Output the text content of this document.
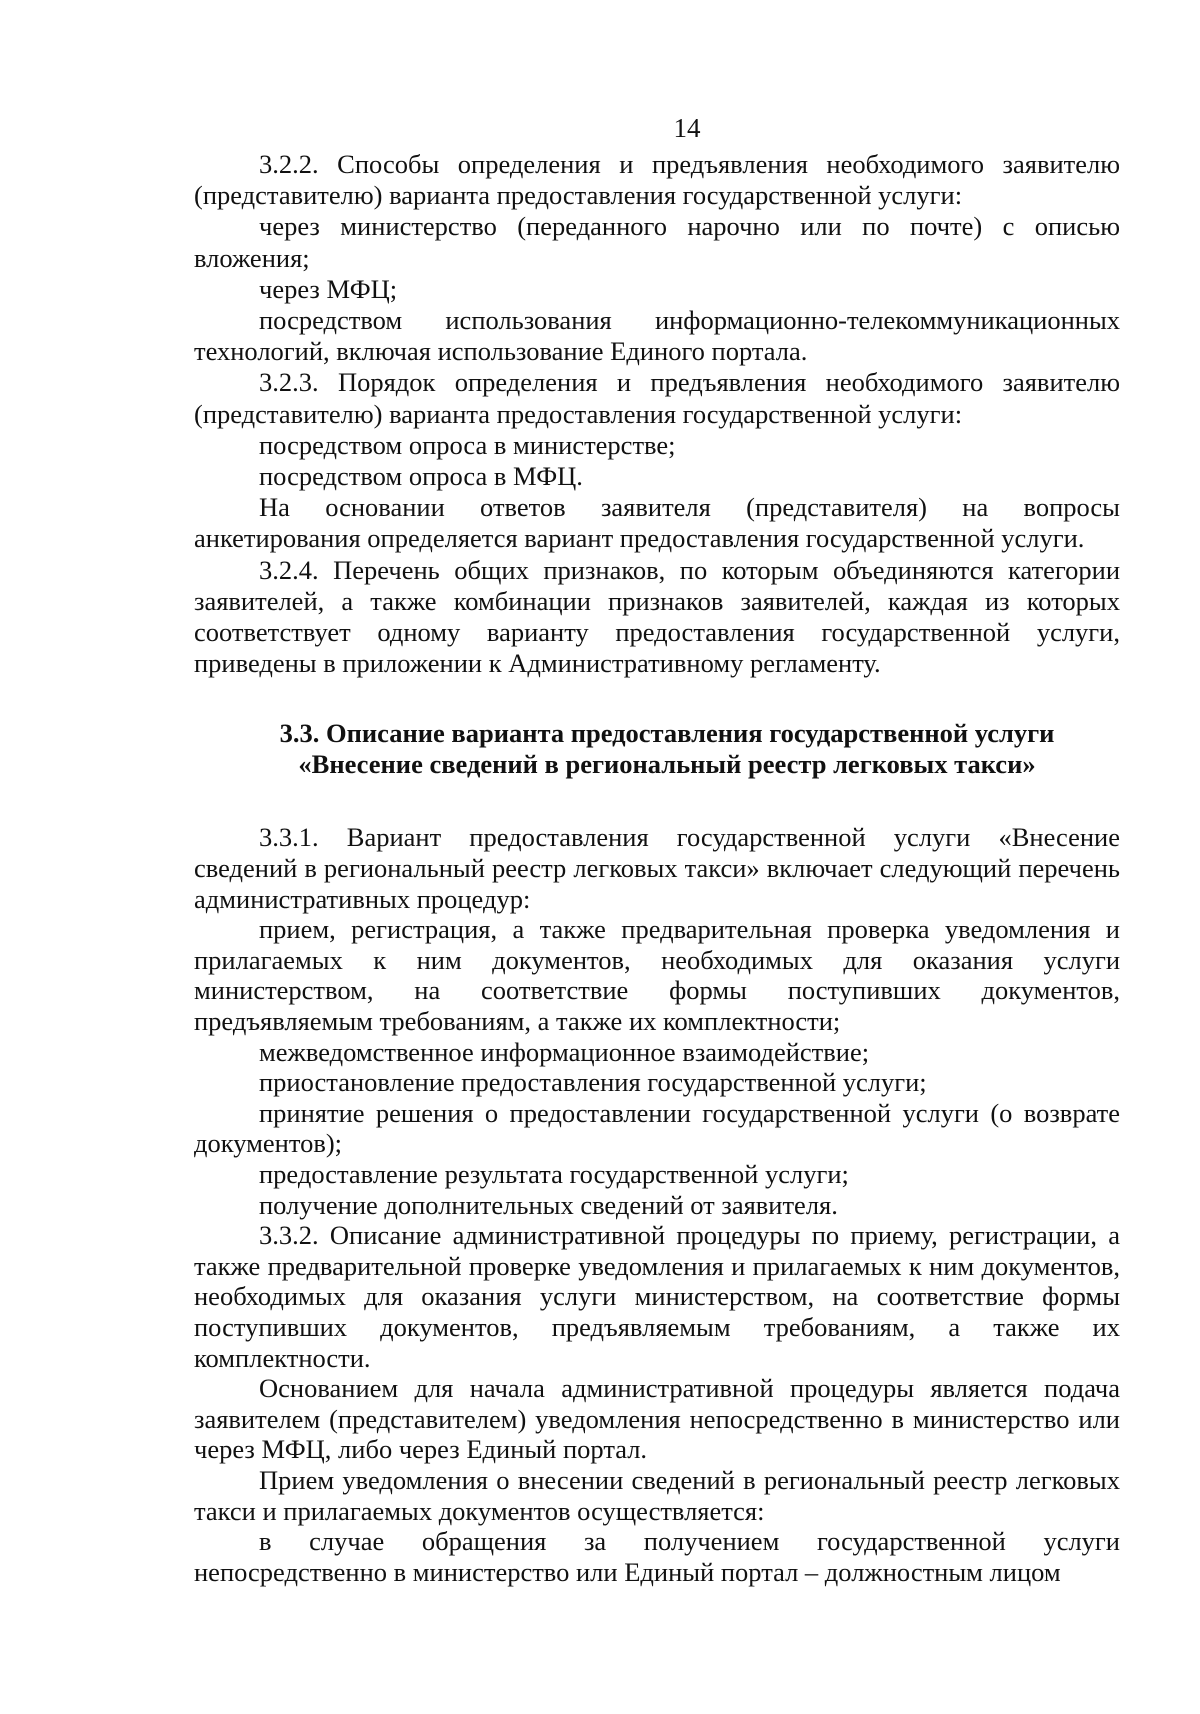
14

3.2.2. Способы определения и предъявления необходимого заявителю (представителю) варианта предоставления государственной услуги:

через министерство (переданного нарочно или по почте) с описью вложения;

через МФЦ;

посредством использования информационно-телекоммуникационных технологий, включая использование Единого портала.

3.2.3. Порядок определения и предъявления необходимого заявителю (представителю) варианта предоставления государственной услуги:

посредством опроса в министерстве;

посредством опроса в МФЦ.

На основании ответов заявителя (представителя) на вопросы анкетирования определяется вариант предоставления государственной услуги.

3.2.4. Перечень общих признаков, по которым объединяются категории заявителей, а также комбинации признаков заявителей, каждая из которых соответствует одному варианту предоставления государственной услуги, приведены в приложении к Административному регламенту.

3.3. Описание варианта предоставления государственной услуги
«Внесение сведений в региональный реестр легковых такси»

3.3.1. Вариант предоставления государственной услуги «Внесение сведений в региональный реестр легковых такси» включает следующий перечень административных процедур:

прием, регистрация, а также предварительная проверка уведомления и прилагаемых к ним документов, необходимых для оказания услуги министерством, на соответствие формы поступивших документов, предъявляемым требованиям, а также их комплектности;

межведомственное информационное взаимодействие;

приостановление предоставления государственной услуги;

принятие решения о предоставлении государственной услуги (о возврате документов);

предоставление результата государственной услуги;

получение дополнительных сведений от заявителя.

3.3.2. Описание административной процедуры по приему, регистрации, а также предварительной проверке уведомления и прилагаемых к ним документов, необходимых для оказания услуги министерством, на соответствие формы поступивших документов, предъявляемым требованиям, а также их комплектности.

Основанием для начала административной процедуры является подача заявителем (представителем) уведомления непосредственно в министерство или через МФЦ, либо через Единый портал.

Прием уведомления о внесении сведений в региональный реестр легковых такси и прилагаемых документов осуществляется:

в случае обращения за получением государственной услуги непосредственно в министерство или Единый портал – должностным лицом
